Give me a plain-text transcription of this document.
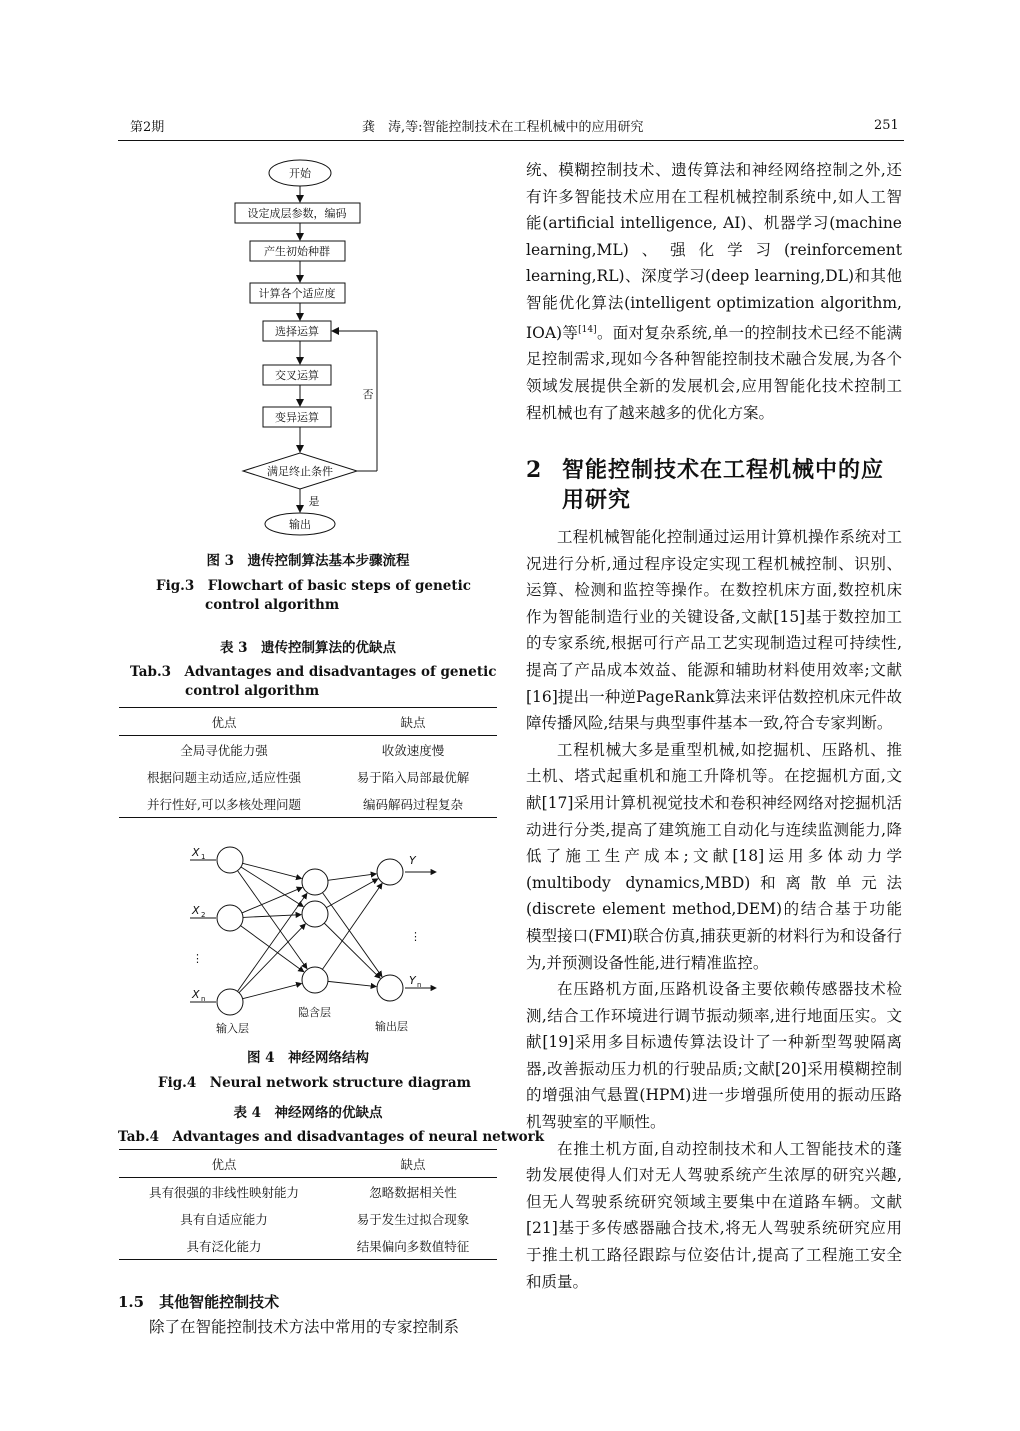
第2期	龚　涛,等:智能控制技术在工程机械中的应用研究	251
开始
设定成层参数，编码
产生初始种群
计算各个适应度
选择运算
交叉运算
变异运算
满足终止条件
输出
否
是
图 3　遗传控制算法基本步骤流程
Fig.3　Flowchart of basic steps of genetic
control algorithm
表 3　遗传控制算法的优缺点
Tab.3　Advantages and disadvantages of genetic
control algorithm
优点	缺点
全局寻优能力强	收敛速度慢
根据问题主动适应,适应性强	易于陷入局部最优解
并行性好,可以多核处理问题	编码解码过程复杂
X 1
X 2
X n
⋮
⋮
Y
Y n
输入层
隐含层
输出层
图 4　神经网络结构
Fig.4　Neural network structure diagram
表 4　神经网络的优缺点
Tab.4　Advantages and disadvantages of neural network
优点	缺点
具有很强的非线性映射能力	忽略数据相关性
具有自适应能力	易于发生过拟合现象
具有泛化能力	结果偏向多数值特征
1.5　其他智能控制技术

除了在智能控制技术方法中常用的专家控制系

统、模糊控制技术、遗传算法和神经网络控制之外,还有许多智能技术应用在工程机械控制系统中,如人工智能(artificial intelligence, AI)、机器学习(machine learning,ML)、强化学习(reinforcement learning,RL)、深度学习(deep learning,DL)和其他智能优化算法(intelligent optimization algorithm, IOA)等[14]。面对复杂系统,单一的控制技术已经不能满足控制需求,现如今各种智能控制技术融合发展,为各个领域发展提供全新的发展机会,应用智能化技术控制工程机械也有了越来越多的优化方案。

2 智能控制技术在工程机械中的应用研究

工程机械智能化控制通过运用计算机操作系统对工况进行分析,通过程序设定实现工程机械控制、识别、运算、检测和监控等操作。在数控机床方面,数控机床作为智能制造行业的关键设备,文献[15]基于数控加工的专家系统,根据可行产品工艺实现制造过程可持续性,提高了产品成本效益、能源和辅助材料使用效率;文献[16]提出一种逆PageRank算法来评估数控机床元件故障传播风险,结果与典型事件基本一致,符合专家判断。

工程机械大多是重型机械,如挖掘机、压路机、推土机、塔式起重机和施工升降机等。在挖掘机方面,文献[17]采用计算机视觉技术和卷积神经网络对挖掘机活动进行分类,提高了建筑施工自动化与连续监测能力,降低了施工生产成本;文献[18]运用多体动力学(multibody dynamics,MBD)和离散单元法(discrete element method,DEM)的结合基于功能模型接口(FMI)联合仿真,捕获更新的材料行为和设备行为,并预测设备性能,进行精准监控。

在压路机方面,压路机设备主要依赖传感器技术检测,结合工作环境进行调节振动频率,进行地面压实。文献[19]采用多目标遗传算法设计了一种新型驾驶隔离器,改善振动压力机的行驶品质;文献[20]采用模糊控制的增强油气悬置(HPM)进一步增强所使用的振动压路机驾驶室的平顺性。

在推土机方面,自动控制技术和人工智能技术的蓬勃发展使得人们对无人驾驶系统产生浓厚的研究兴趣,但无人驾驶系统研究领域主要集中在道路车辆。文献[21]基于多传感器融合技术,将无人驾驶系统研究应用于推土机工路径跟踪与位姿估计,提高了工程施工安全和质量。
